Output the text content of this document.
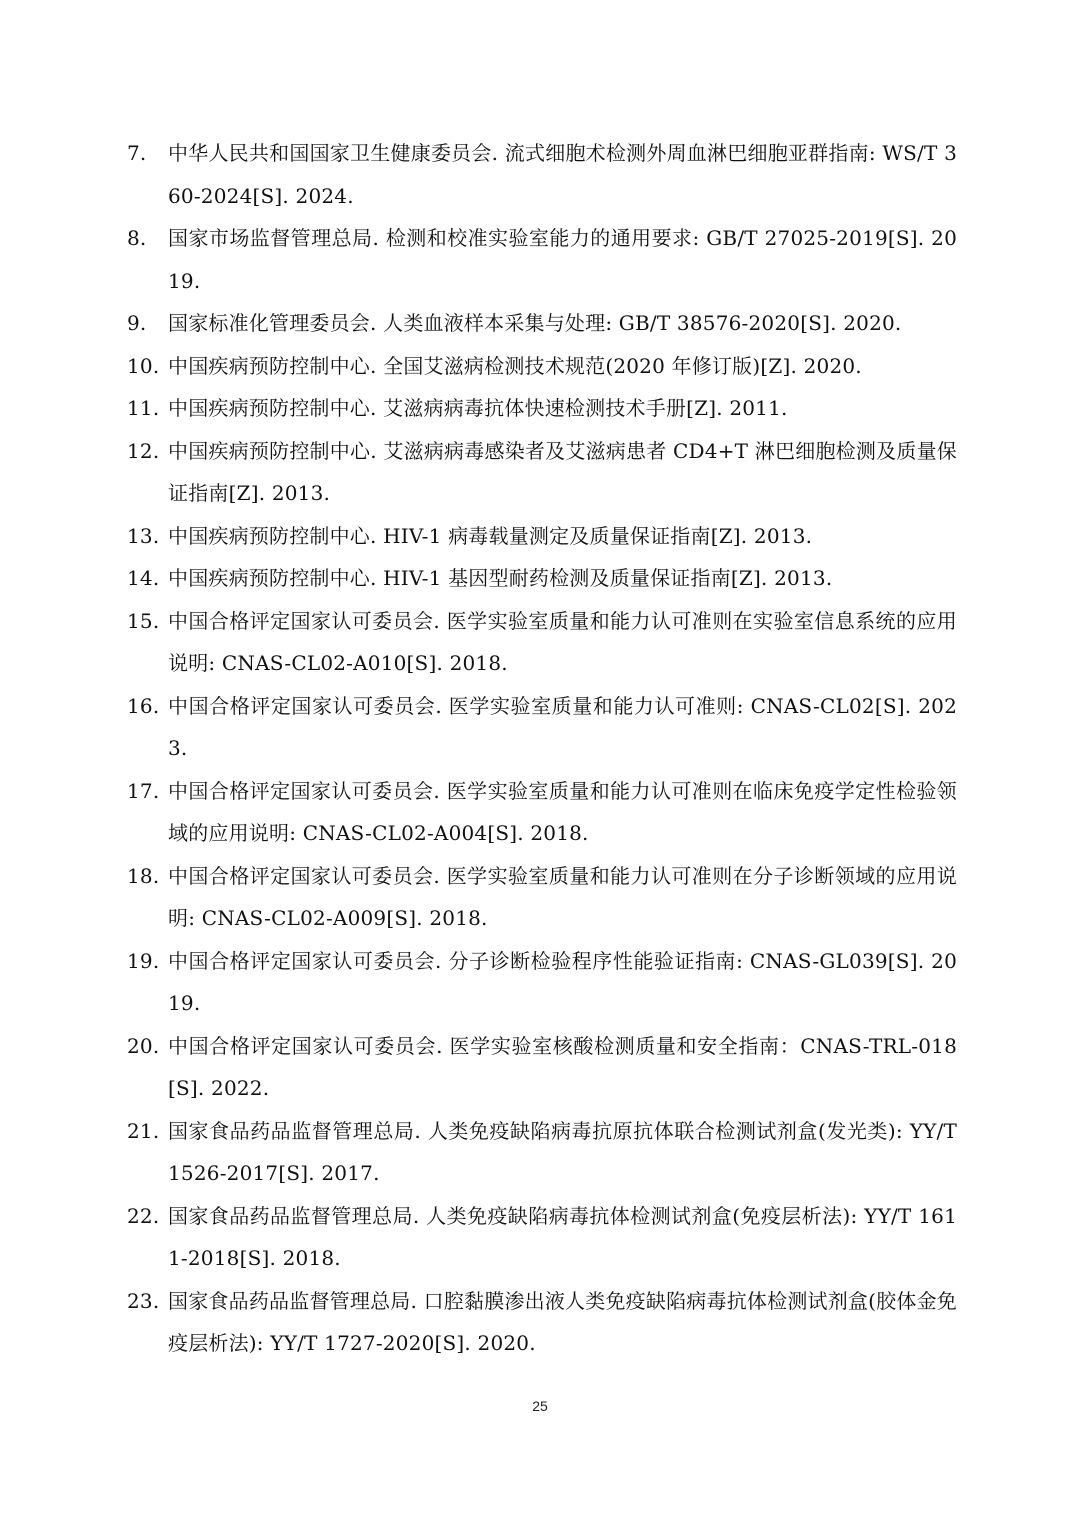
7. 中华人民共和国国家卫生健康委员会. 流式细胞术检测外周血淋巴细胞亚群指南: WS/T 360-2024[S]. 2024.
8. 国家市场监督管理总局. 检测和校准实验室能力的通用要求: GB/T 27025-2019[S]. 2019.
9. 国家标准化管理委员会. 人类血液样本采集与处理: GB/T 38576-2020[S]. 2020.
10. 中国疾病预防控制中心. 全国艾滋病检测技术规范(2020 年修订版)[Z]. 2020.
11. 中国疾病预防控制中心. 艾滋病病毒抗体快速检测技术手册[Z]. 2011.
12. 中国疾病预防控制中心. 艾滋病病毒感染者及艾滋病患者 CD4+T 淋巴细胞检测及质量保证指南[Z]. 2013.
13. 中国疾病预防控制中心. HIV-1 病毒载量测定及质量保证指南[Z]. 2013.
14. 中国疾病预防控制中心. HIV-1 基因型耐药检测及质量保证指南[Z]. 2013.
15. 中国合格评定国家认可委员会. 医学实验室质量和能力认可准则在实验室信息系统的应用说明: CNAS-CL02-A010[S]. 2018.
16. 中国合格评定国家认可委员会. 医学实验室质量和能力认可准则: CNAS-CL02[S]. 2023.
17. 中国合格评定国家认可委员会. 医学实验室质量和能力认可准则在临床免疫学定性检验领域的应用说明: CNAS-CL02-A004[S]. 2018.
18. 中国合格评定国家认可委员会. 医学实验室质量和能力认可准则在分子诊断领域的应用说明: CNAS-CL02-A009[S]. 2018.
19. 中国合格评定国家认可委员会. 分子诊断检验程序性能验证指南: CNAS-GL039[S]. 2019.
20. 中国合格评定国家认可委员会. 医学实验室核酸检测质量和安全指南：CNAS-TRL-018[S]. 2022.
21. 国家食品药品监督管理总局. 人类免疫缺陷病毒抗原抗体联合检测试剂盒(发光类): YY/T 1526-2017[S]. 2017.
22. 国家食品药品监督管理总局. 人类免疫缺陷病毒抗体检测试剂盒(免疫层析法): YY/T 1611-2018[S]. 2018.
23. 国家食品药品监督管理总局. 口腔黏膜渗出液人类免疫缺陷病毒抗体检测试剂盒(胶体金免疫层析法): YY/T 1727-2020[S]. 2020.
25
